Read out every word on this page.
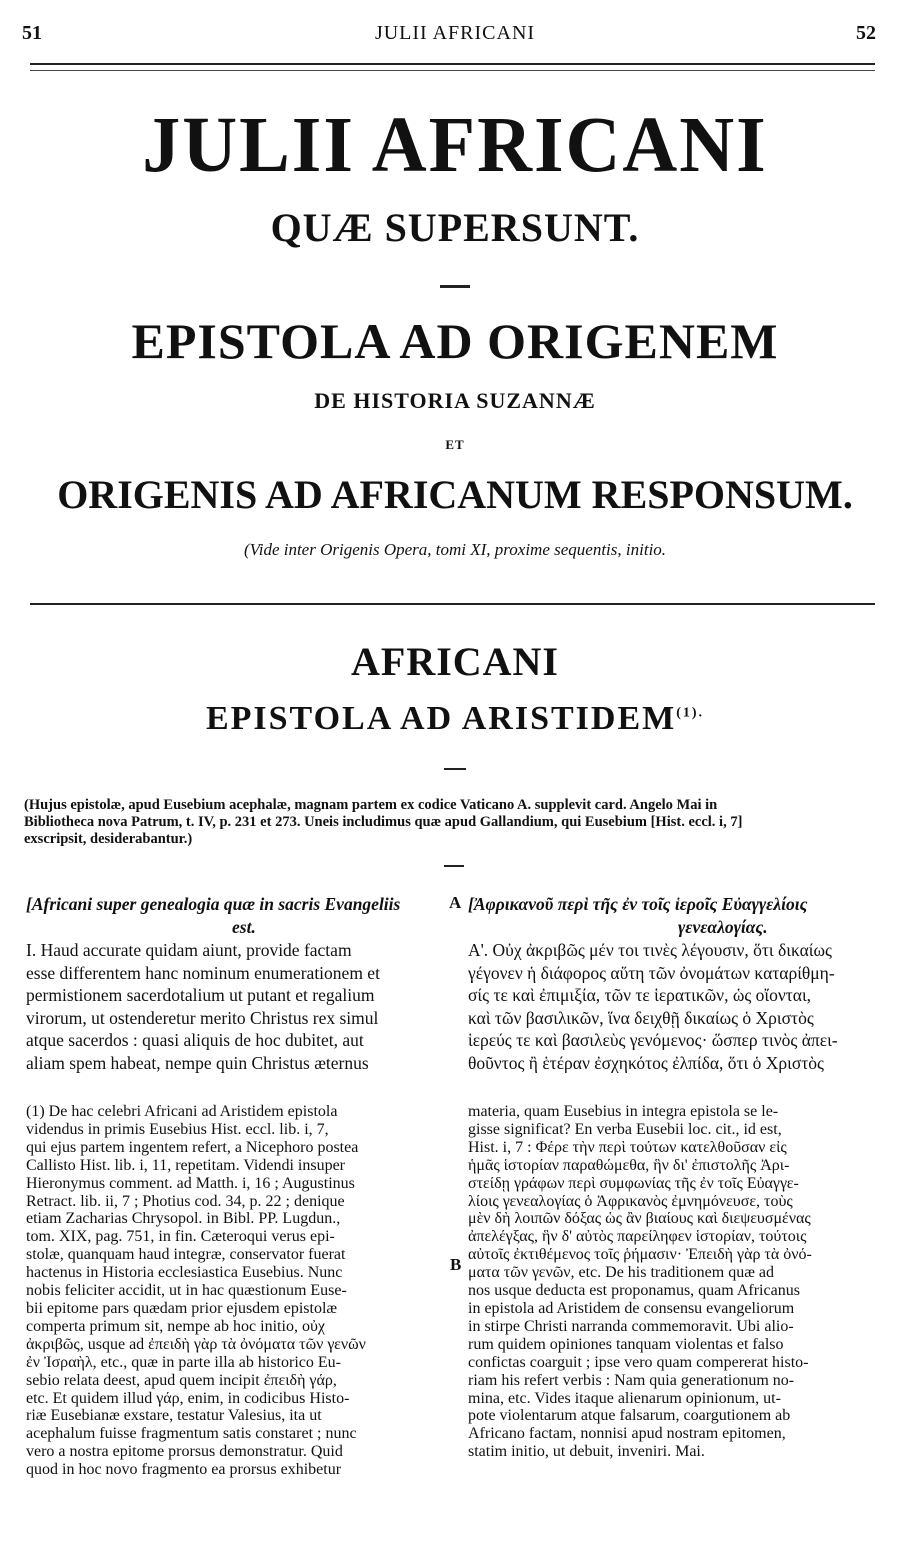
51	JULII AFRICANI	52
JULII AFRICANI
QUÆ SUPERSUNT.
EPISTOLA AD ORIGENEM
DE HISTORIA SUZANNÆ
ET
ORIGENIS AD AFRICANUM RESPONSUM.
(Vide inter Origenis Opera, tomi XI, proxime sequentis, initio.
AFRICANI
EPISTOLA AD $ARISTIDEM^{(1).}$
(Hujus epistolæ, apud Eusebium acephalæ, magnam partem ex codice Vaticano A. supplevit card. Angelo Mai in
Bibliotheca nova Patrum, t. IV, p. 231 et 273. Uneis includimus quæ apud Gallandium, qui Eusebium [Hist. eccl. i, 7]
exscripsit, desiderabantur.)
A
B
[Africani super genealogia quæ in sacris Evangeliis
est.
I. Haud accurate quidam aiunt, provide factam
esse differentem hanc nominum enumerationem et
permistionem sacerdotalium ut putant et regalium
virorum, ut ostenderetur merito Christus rex simul
atque sacerdos : quasi aliquis de hoc dubitet, aut
aliam spem habeat, nempe quin Christus æternus
(1) De hac celebri Africani ad Aristidem epistola
videndus in primis Eusebius Hist. eccl. lib. i, 7,
qui ejus partem ingentem refert, a Nicephoro postea
Callisto Hist. lib. i, 11, repetitam. Videndi insuper
Hieronymus comment. ad Matth. i, 16 ; Augustinus
Retract. lib. ii, 7 ; Photius cod. 34, p. 22 ; denique
etiam Zacharias Chrysopol. in Bibl. PP. Lugdun.,
tom. XIX, pag. 751, in fin. Cæteroqui verus epi-
stolæ, quanquam haud integræ, conservator fuerat
hactenus in Historia ecclesiastica Eusebius. Nunc
nobis feliciter accidit, ut in hac quæstionum Euse-
bii epitome pars quædam prior ejusdem epistolæ
comperta primum sit, nempe ab hoc initio, οὐχ
ἀκριβῶς, usque ad ἐπειδὴ γὰρ τὰ ὀνόματα τῶν γενῶν
ἐν Ἰσραὴλ, etc., quæ in parte illa ab historico Eu-
sebio relata deest, apud quem incipit ἐπειδὴ γάρ,
etc. Et quidem illud γάρ, enim, in codicibus Histo-
riæ Eusebianæ exstare, testatur Valesius, ita ut
acephalum fuisse fragmentum satis constaret ; nunc
vero a nostra epitome prorsus demonstratur. Quid
quod in hoc novo fragmento ea prorsus exhibetur
[Ἀφρικανοῦ περὶ τῆς ἐν τοῖς ἱεροῖς Εὐαγγελίοις
γενεαλογίας.
Α'. Οὐχ ἀκριβῶς μέν τοι τινὲς λέγουσιν, ὅτι δικαίως
γέγονεν ἡ διάφορος αὕτη τῶν ὀνομάτων καταρίθμη-
σίς τε καὶ ἐπιμιξία, τῶν τε ἱερατικῶν, ὡς οἴονται,
καὶ τῶν βασιλικῶν, ἵνα δειχθῇ δικαίως ὁ Χριστὸς
ἱερεύς τε καὶ βασιλεὺς γενόμενος· ὥσπερ τινὸς ἀπει-
θοῦντος ἢ ἑτέραν ἐσχηκότος ἐλπίδα, ὅτι ὁ Χριστὸς
materia, quam Eusebius in integra epistola se le-
gisse significat? En verba Eusebii loc. cit., id est,
Hist. i, 7 : Φέρε τὴν περὶ τούτων κατελθοῦσαν εἰς
ἡμᾶς ἱστορίαν παραθώμεθα, ἣν δι' ἐπιστολῆς Ἀρι-
στείδῃ γράφων περὶ συμφωνίας τῆς ἐν τοῖς Εὐαγγε-
λίοις γενεαλογίας ὁ Ἀφρικανὸς ἐμνημόνευσε, τοὺς
μὲν δὴ λοιπῶν δόξας ὡς ἂν βιαίους καὶ διεψευσμένας
ἀπελέγξας, ἣν δ' αὐτὸς παρείληφεν ἱστορίαν, τούτοις
αὐτοῖς ἐκτιθέμενος τοῖς ῥήμασιν· Ἐπειδὴ γὰρ τὰ ὀνό-
ματα τῶν γενῶν, etc. De his traditionem quæ ad
nos usque deducta est proponamus, quam Africanus
in epistola ad Aristidem de consensu evangeliorum
in stirpe Christi narranda commemoravit. Ubi alio-
rum quidem opiniones tanquam violentas et falso
confictas coarguit ; ipse vero quam compererat histo-
riam his refert verbis : Nam quia generationum no-
mina, etc. Vides itaque alienarum opinionum, ut-
pote violentarum atque falsarum, coargutionem ab
Africano factam, nonnisi apud nostram epitomen,
statim initio, ut debuit, inveniri. Mai.
